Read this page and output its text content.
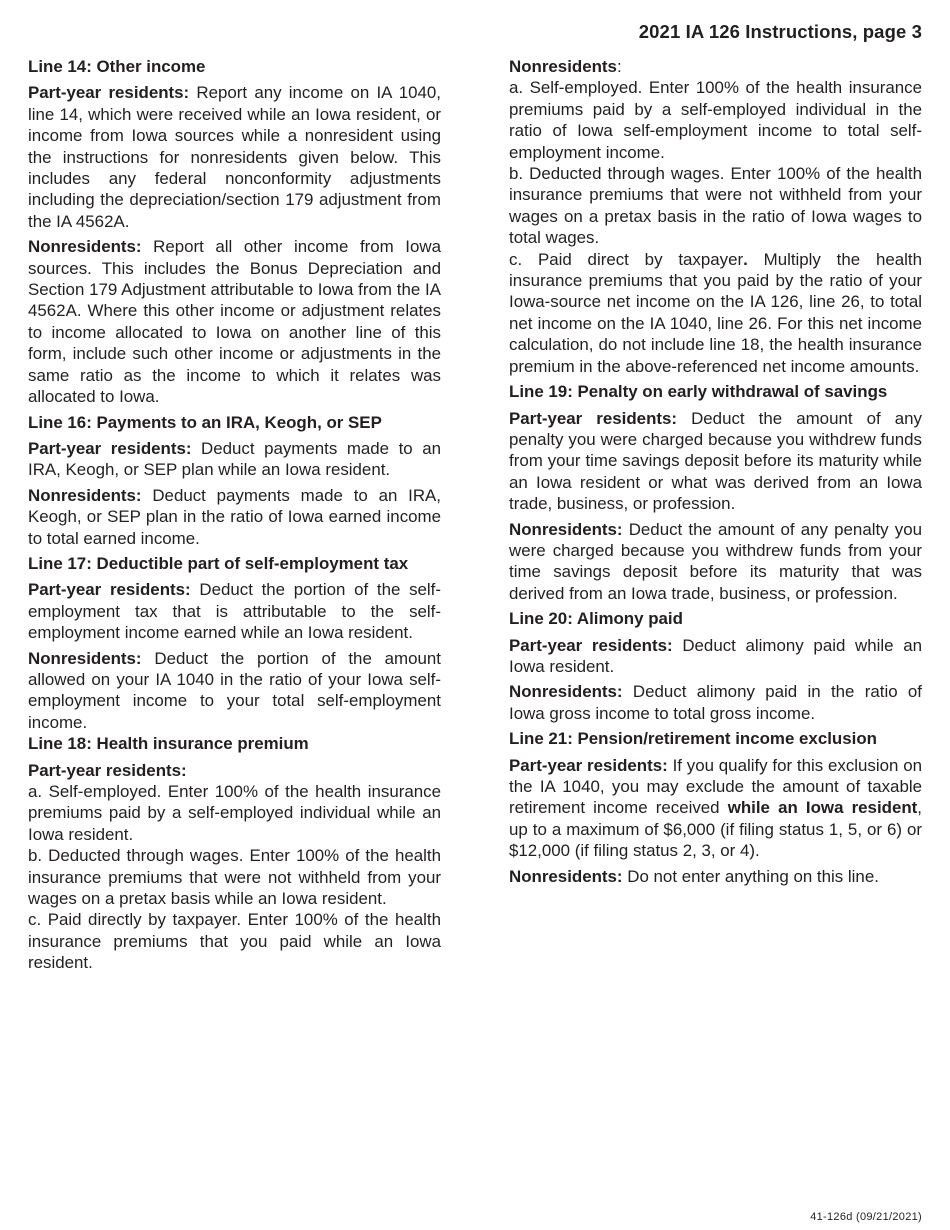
2021 IA 126 Instructions, page 3
Line 14: Other income

Part-year residents: Report any income on IA 1040, line 14, which were received while an Iowa resident, or income from Iowa sources while a nonresident using the instructions for nonresidents given below. This includes any federal nonconformity adjustments including the depreciation/section 179 adjustment from the IA 4562A.

Nonresidents: Report all other income from Iowa sources. This includes the Bonus Depreciation and Section 179 Adjustment attributable to Iowa from the IA 4562A. Where this other income or adjustment relates to income allocated to Iowa on another line of this form, include such other income or adjustments in the same ratio as the income to which it relates was allocated to Iowa.

Line 16: Payments to an IRA, Keogh, or SEP

Part-year residents: Deduct payments made to an IRA, Keogh, or SEP plan while an Iowa resident.

Nonresidents: Deduct payments made to an IRA, Keogh, or SEP plan in the ratio of Iowa earned income to total earned income.

Line 17: Deductible part of self-employment tax

Part-year residents: Deduct the portion of the self-employment tax that is attributable to the self-employment income earned while an Iowa resident.

Nonresidents: Deduct the portion of the amount allowed on your IA 1040 in the ratio of your Iowa self-employment income to your total self-employment income.

Line 18: Health insurance premium

Part-year residents:

a. Self-employed. Enter 100% of the health insurance premiums paid by a self-employed individual while an Iowa resident.

b. Deducted through wages. Enter 100% of the health insurance premiums that were not withheld from your wages on a pretax basis while an Iowa resident.

c. Paid directly by taxpayer. Enter 100% of the health insurance premiums that you paid while an Iowa resident.

Nonresidents:

a. Self-employed. Enter 100% of the health insurance premiums paid by a self-employed individual in the ratio of Iowa self-employment income to total self-employment income.

b. Deducted through wages. Enter 100% of the health insurance premiums that were not withheld from your wages on a pretax basis in the ratio of Iowa wages to total wages.

c. Paid direct by taxpayer. Multiply the health insurance premiums that you paid by the ratio of your Iowa-source net income on the IA 126, line 26, to total net income on the IA 1040, line 26. For this net income calculation, do not include line 18, the health insurance premium in the above-referenced net income amounts.

Line 19: Penalty on early withdrawal of savings

Part-year residents: Deduct the amount of any penalty you were charged because you withdrew funds from your time savings deposit before its maturity while an Iowa resident or what was derived from an Iowa trade, business, or profession.

Nonresidents: Deduct the amount of any penalty you were charged because you withdrew funds from your time savings deposit before its maturity that was derived from an Iowa trade, business, or profession.

Line 20: Alimony paid

Part-year residents: Deduct alimony paid while an Iowa resident.

Nonresidents: Deduct alimony paid in the ratio of Iowa gross income to total gross income.

Line 21: Pension/retirement income exclusion

Part-year residents: If you qualify for this exclusion on the IA 1040, you may exclude the amount of taxable retirement income received while an Iowa resident, up to a maximum of $6,000 (if filing status 1, 5, or 6) or $12,000 (if filing status 2, 3, or 4).

Nonresidents: Do not enter anything on this line.

41-126d (09/21/2021)
